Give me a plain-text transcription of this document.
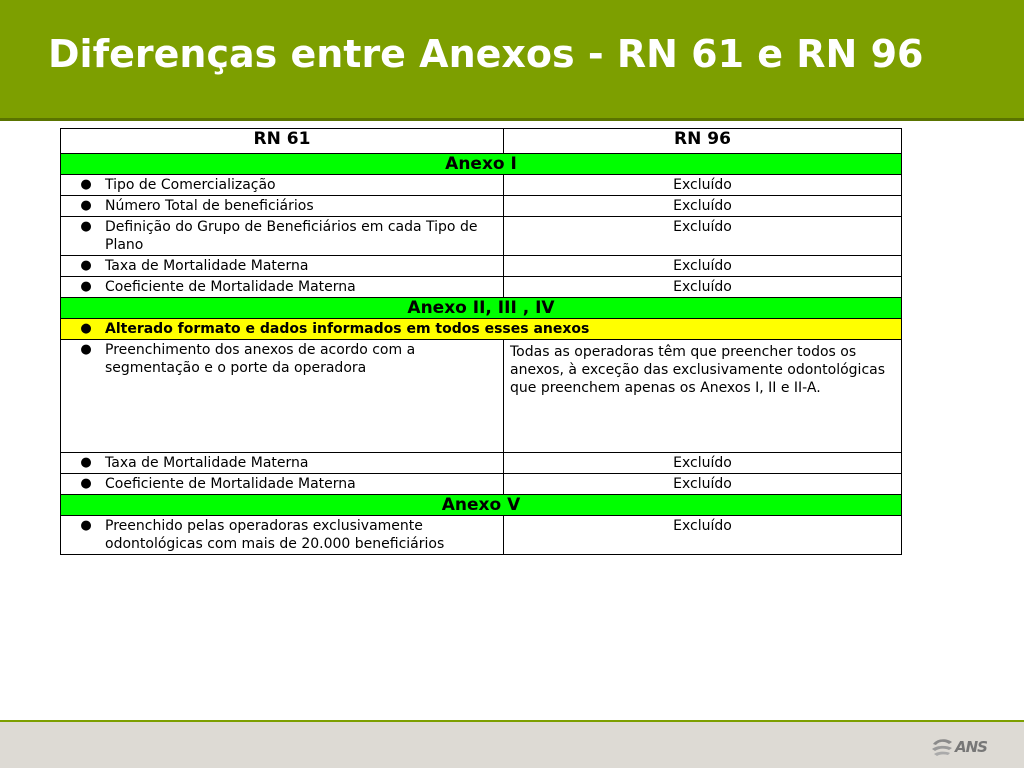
Diferenças entre Anexos - RN 61 e RN 96
RN 61	RN 96
Anexo I	

● Tipo de Comercialização	Excluído

● Número Total de beneficiários	Excluído

● Definição do Grupo de Beneficiários em cada Tipo de Plano	Excluído

● Taxa de Mortalidade Materna	Excluído

● Coeficiente de Mortalidade Materna	Excluído
Anexo II, III , IV	

● Alterado formato e dados informados em todos esses anexos	

● Preenchimento dos anexos de acordo com a segmentação e o porte da operadora	Todas as operadoras têm que preencher todos os anexos, à exceção das exclusivamente odontológicas que preenchem apenas os Anexos I, II e II-A.

● Taxa de Mortalidade Materna	Excluído

● Coeficiente de Mortalidade Materna	Excluído
Anexo V	

● Preenchido pelas operadoras exclusivamente odontológicas com mais de 20.000 beneficiários	Excluído
ANS
